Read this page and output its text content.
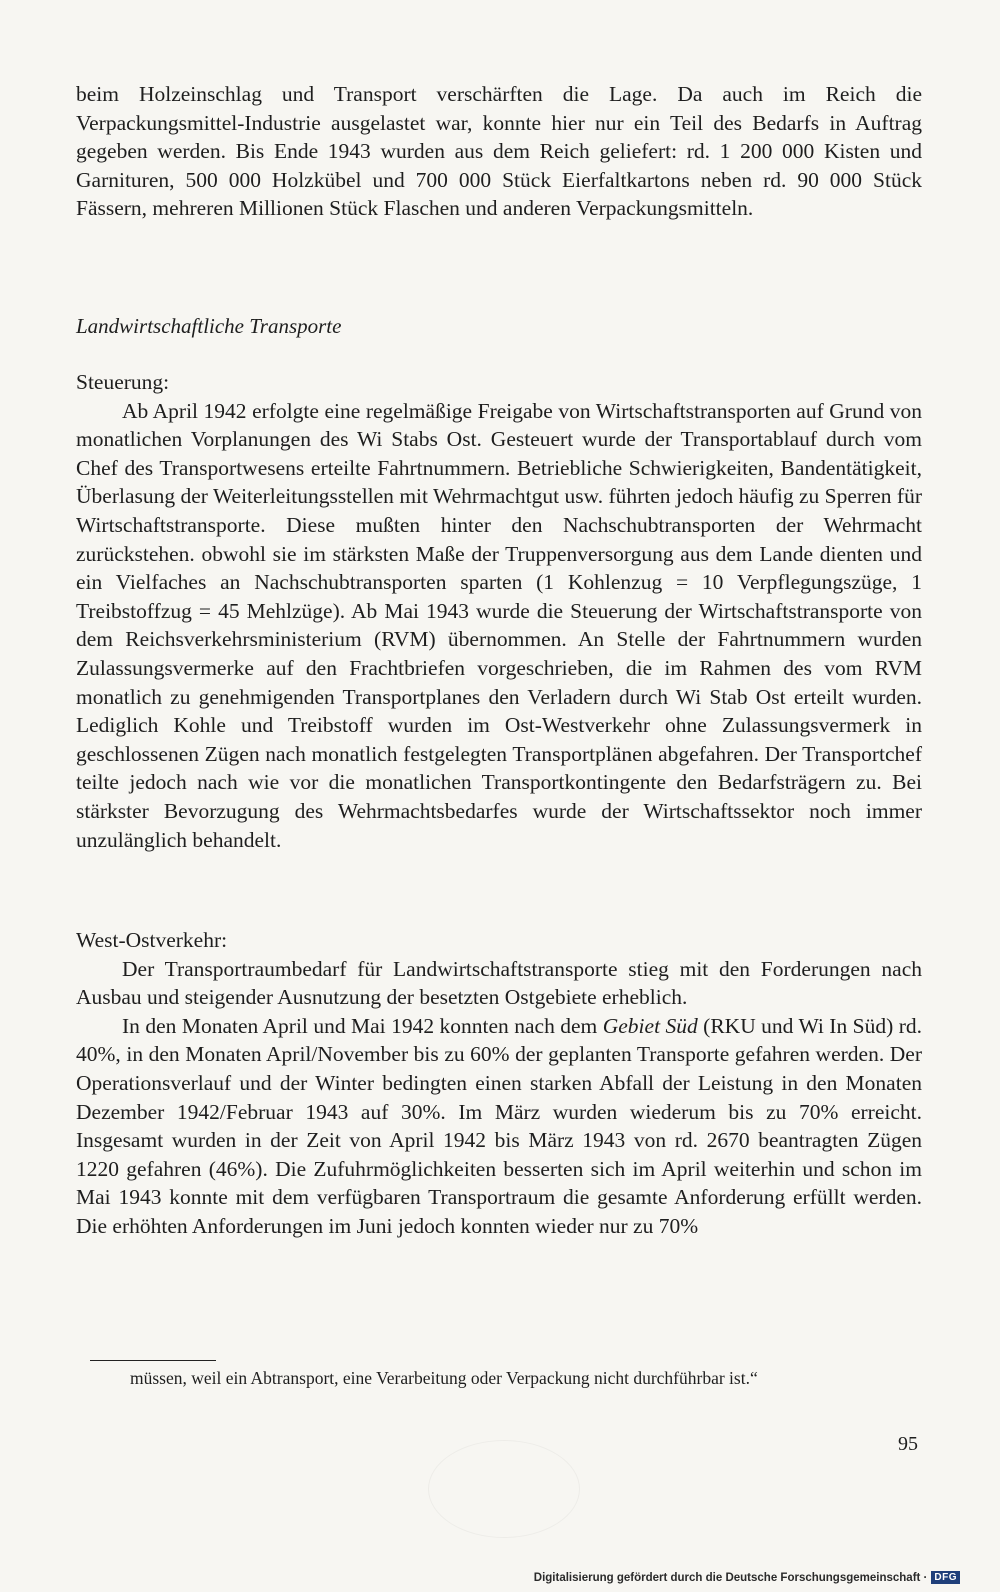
beim Holzeinschlag und Transport verschärften die Lage. Da auch im Reich die Verpackungsmittel-Industrie ausgelastet war, konnte hier nur ein Teil des Bedarfs in Auftrag gegeben werden. Bis Ende 1943 wurden aus dem Reich geliefert: rd. 1 200 000 Kisten und Garnituren, 500 000 Holzkübel und 700 000 Stück Eierfaltkartons neben rd. 90 000 Stück Fässern, mehreren Millionen Stück Flaschen und anderen Verpackungsmitteln.

Landwirtschaftliche Transporte

Steuerung:

Ab April 1942 erfolgte eine regelmäßige Freigabe von Wirtschaftstransporten auf Grund von monatlichen Vorplanungen des Wi Stabs Ost. Gesteuert wurde der Transportablauf durch vom Chef des Transportwesens erteilte Fahrtnummern. Betriebliche Schwierigkeiten, Bandentätigkeit, Überlasung der Weiterleitungsstellen mit Wehrmachtgut usw. führten jedoch häufig zu Sperren für Wirtschaftstransporte. Diese mußten hinter den Nachschubtransporten der Wehrmacht zurückstehen. obwohl sie im stärksten Maße der Truppenversorgung aus dem Lande dienten und ein Vielfaches an Nachschubtransporten sparten (1 Kohlenzug = 10 Verpflegungszüge, 1 Treibstoffzug = 45 Mehlzüge). Ab Mai 1943 wurde die Steuerung der Wirtschaftstransporte von dem Reichsverkehrsministerium (RVM) übernommen. An Stelle der Fahrtnummern wurden Zulassungsvermerke auf den Frachtbriefen vorgeschrieben, die im Rahmen des vom RVM monatlich zu genehmigenden Transportplanes den Verladern durch Wi Stab Ost erteilt wurden. Lediglich Kohle und Treibstoff wurden im Ost-Westverkehr ohne Zulassungsvermerk in geschlossenen Zügen nach monatlich festgelegten Transportplänen abgefahren. Der Transportchef teilte jedoch nach wie vor die monatlichen Transportkontingente den Bedarfsträgern zu. Bei stärkster Bevorzugung des Wehrmachtsbedarfes wurde der Wirtschaftssektor noch immer unzulänglich behandelt.

West-Ostverkehr:

Der Transportraumbedarf für Landwirtschaftstransporte stieg mit den Forderungen nach Ausbau und steigender Ausnutzung der besetzten Ostgebiete erheblich.

In den Monaten April und Mai 1942 konnten nach dem Gebiet Süd (RKU und Wi In Süd) rd. 40%, in den Monaten April/November bis zu 60% der geplanten Transporte gefahren werden. Der Operationsverlauf und der Winter bedingten einen starken Abfall der Leistung in den Monaten Dezember 1942/Februar 1943 auf 30%. Im März wurden wiederum bis zu 70% erreicht. Insgesamt wurden in der Zeit von April 1942 bis März 1943 von rd. 2670 beantragten Zügen 1220 gefahren (46%). Die Zufuhrmöglichkeiten besserten sich im April weiterhin und schon im Mai 1943 konnte mit dem verfügbaren Transportraum die gesamte Anforderung erfüllt werden. Die erhöhten Anforderungen im Juni jedoch konnten wieder nur zu 70%

müssen, weil ein Abtransport, eine Verarbeitung oder Verpackung nicht durchführbar ist.“
95
Digitalisierung gefördert durch die Deutsche Forschungsgemeinschaft · DFG
